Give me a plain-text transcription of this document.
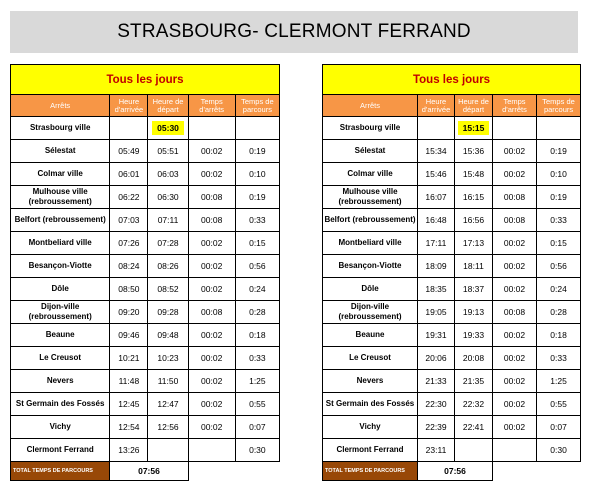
STRASBOURG- CLERMONT FERRAND
Tous les jours				
Arrêts	Heure d'arrivée	Heure de départ	Temps d'arrêts	Temps de parcours
Strasbourg ville		05:30		
Sélestat	05:49	05:51	00:02	0:19
Colmar ville	06:01	06:03	00:02	0:10
Mulhouse ville (rebroussement)	06:22	06:30	00:08	0:19
Belfort (rebroussement)	07:03	07:11	00:08	0:33
Montbeliard ville	07:26	07:28	00:02	0:15
Besançon-Viotte	08:24	08:26	00:02	0:56
Dôle	08:50	08:52	00:02	0:24
Dijon-ville (rebroussement)	09:20	09:28	00:08	0:28
Beaune	09:46	09:48	00:02	0:18
Le Creusot	10:21	10:23	00:02	0:33
Nevers	11:48	11:50	00:02	1:25
St Germain des Fossés	12:45	12:47	00:02	0:55
Vichy	12:54	12:56	00:02	0:07
Clermont Ferrand	13:26			0:30
TOTAL TEMPS DE PARCOURS	07:56			
Tous les jours				
Arrêts	Heure d'arrivée	Heure de départ	Temps d'arrêts	Temps de parcours
Strasbourg ville		15:15		
Sélestat	15:34	15:36	00:02	0:19
Colmar ville	15:46	15:48	00:02	0:10
Mulhouse ville (rebroussement)	16:07	16:15	00:08	0:19
Belfort (rebroussement)	16:48	16:56	00:08	0:33
Montbeliard ville	17:11	17:13	00:02	0:15
Besançon-Viotte	18:09	18:11	00:02	0:56
Dôle	18:35	18:37	00:02	0:24
Dijon-ville (rebroussement)	19:05	19:13	00:08	0:28
Beaune	19:31	19:33	00:02	0:18
Le Creusot	20:06	20:08	00:02	0:33
Nevers	21:33	21:35	00:02	1:25
St Germain des Fossés	22:30	22:32	00:02	0:55
Vichy	22:39	22:41	00:02	0:07
Clermont Ferrand	23:11			0:30
TOTAL TEMPS DE PARCOURS	07:56			
